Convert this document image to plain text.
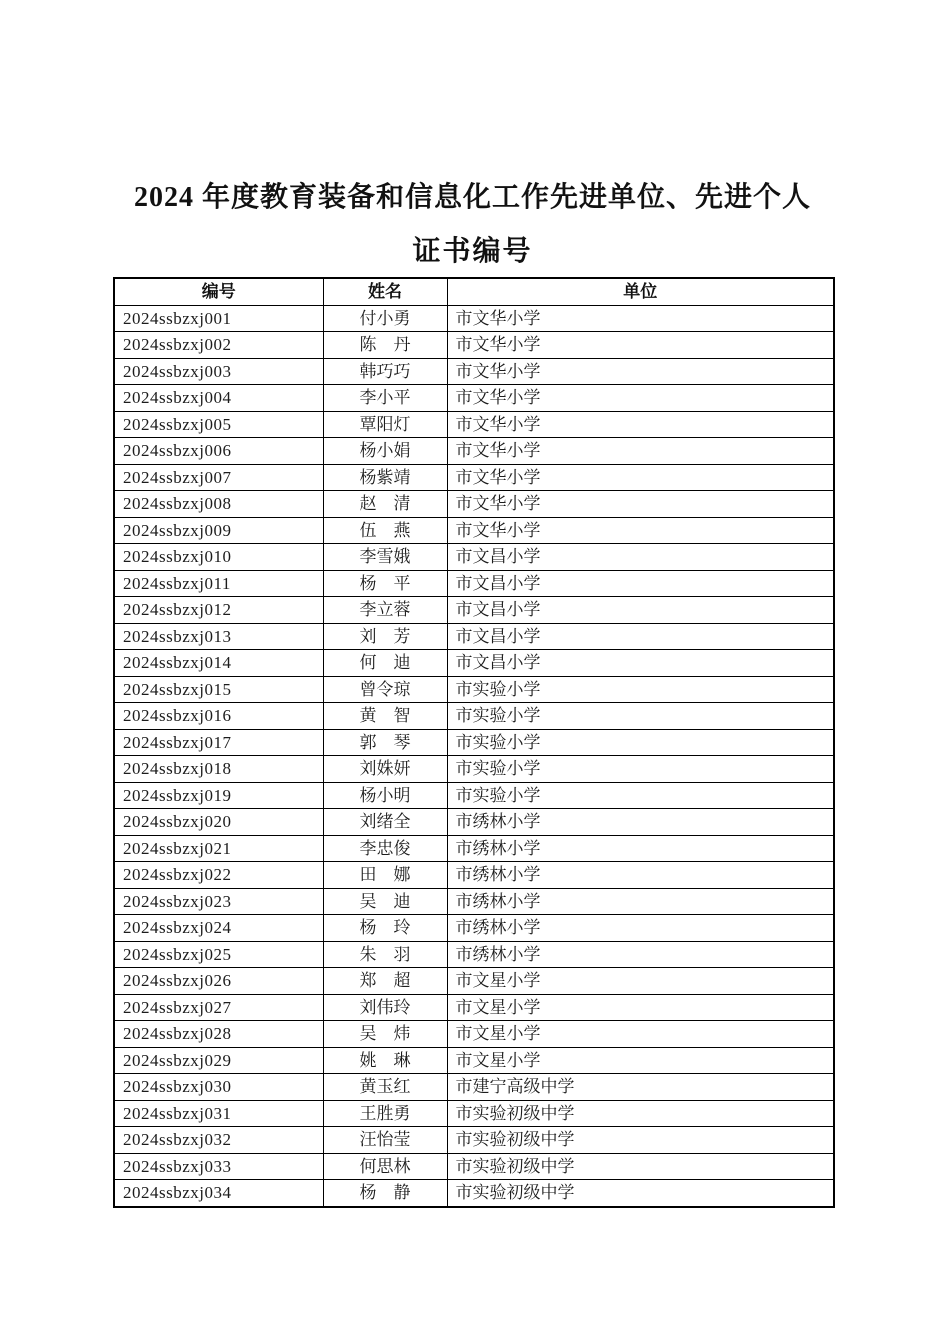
2024 年度教育装备和信息化工作先进单位、先进个人
证书编号
编号	姓名	单位
2024ssbzxj001	付小勇	市文华小学
2024ssbzxj002	陈　丹	市文华小学
2024ssbzxj003	韩巧巧	市文华小学
2024ssbzxj004	李小平	市文华小学
2024ssbzxj005	覃阳灯	市文华小学
2024ssbzxj006	杨小娟	市文华小学
2024ssbzxj007	杨紫靖	市文华小学
2024ssbzxj008	赵　清	市文华小学
2024ssbzxj009	伍　燕	市文华小学
2024ssbzxj010	李雪娥	市文昌小学
2024ssbzxj011	杨　平	市文昌小学
2024ssbzxj012	李立蓉	市文昌小学
2024ssbzxj013	刘　芳	市文昌小学
2024ssbzxj014	何　迪	市文昌小学
2024ssbzxj015	曾令琼	市实验小学
2024ssbzxj016	黄　智	市实验小学
2024ssbzxj017	郭　琴	市实验小学
2024ssbzxj018	刘姝妍	市实验小学
2024ssbzxj019	杨小明	市实验小学
2024ssbzxj020	刘绪全	市绣林小学
2024ssbzxj021	李忠俊	市绣林小学
2024ssbzxj022	田　娜	市绣林小学
2024ssbzxj023	吴　迪	市绣林小学
2024ssbzxj024	杨　玲	市绣林小学
2024ssbzxj025	朱　羽	市绣林小学
2024ssbzxj026	郑　超	市文星小学
2024ssbzxj027	刘伟玲	市文星小学
2024ssbzxj028	吴　炜	市文星小学
2024ssbzxj029	姚　琳	市文星小学
2024ssbzxj030	黄玉红	市建宁高级中学
2024ssbzxj031	王胜勇	市实验初级中学
2024ssbzxj032	汪怡莹	市实验初级中学
2024ssbzxj033	何思林	市实验初级中学
2024ssbzxj034	杨　静	市实验初级中学
